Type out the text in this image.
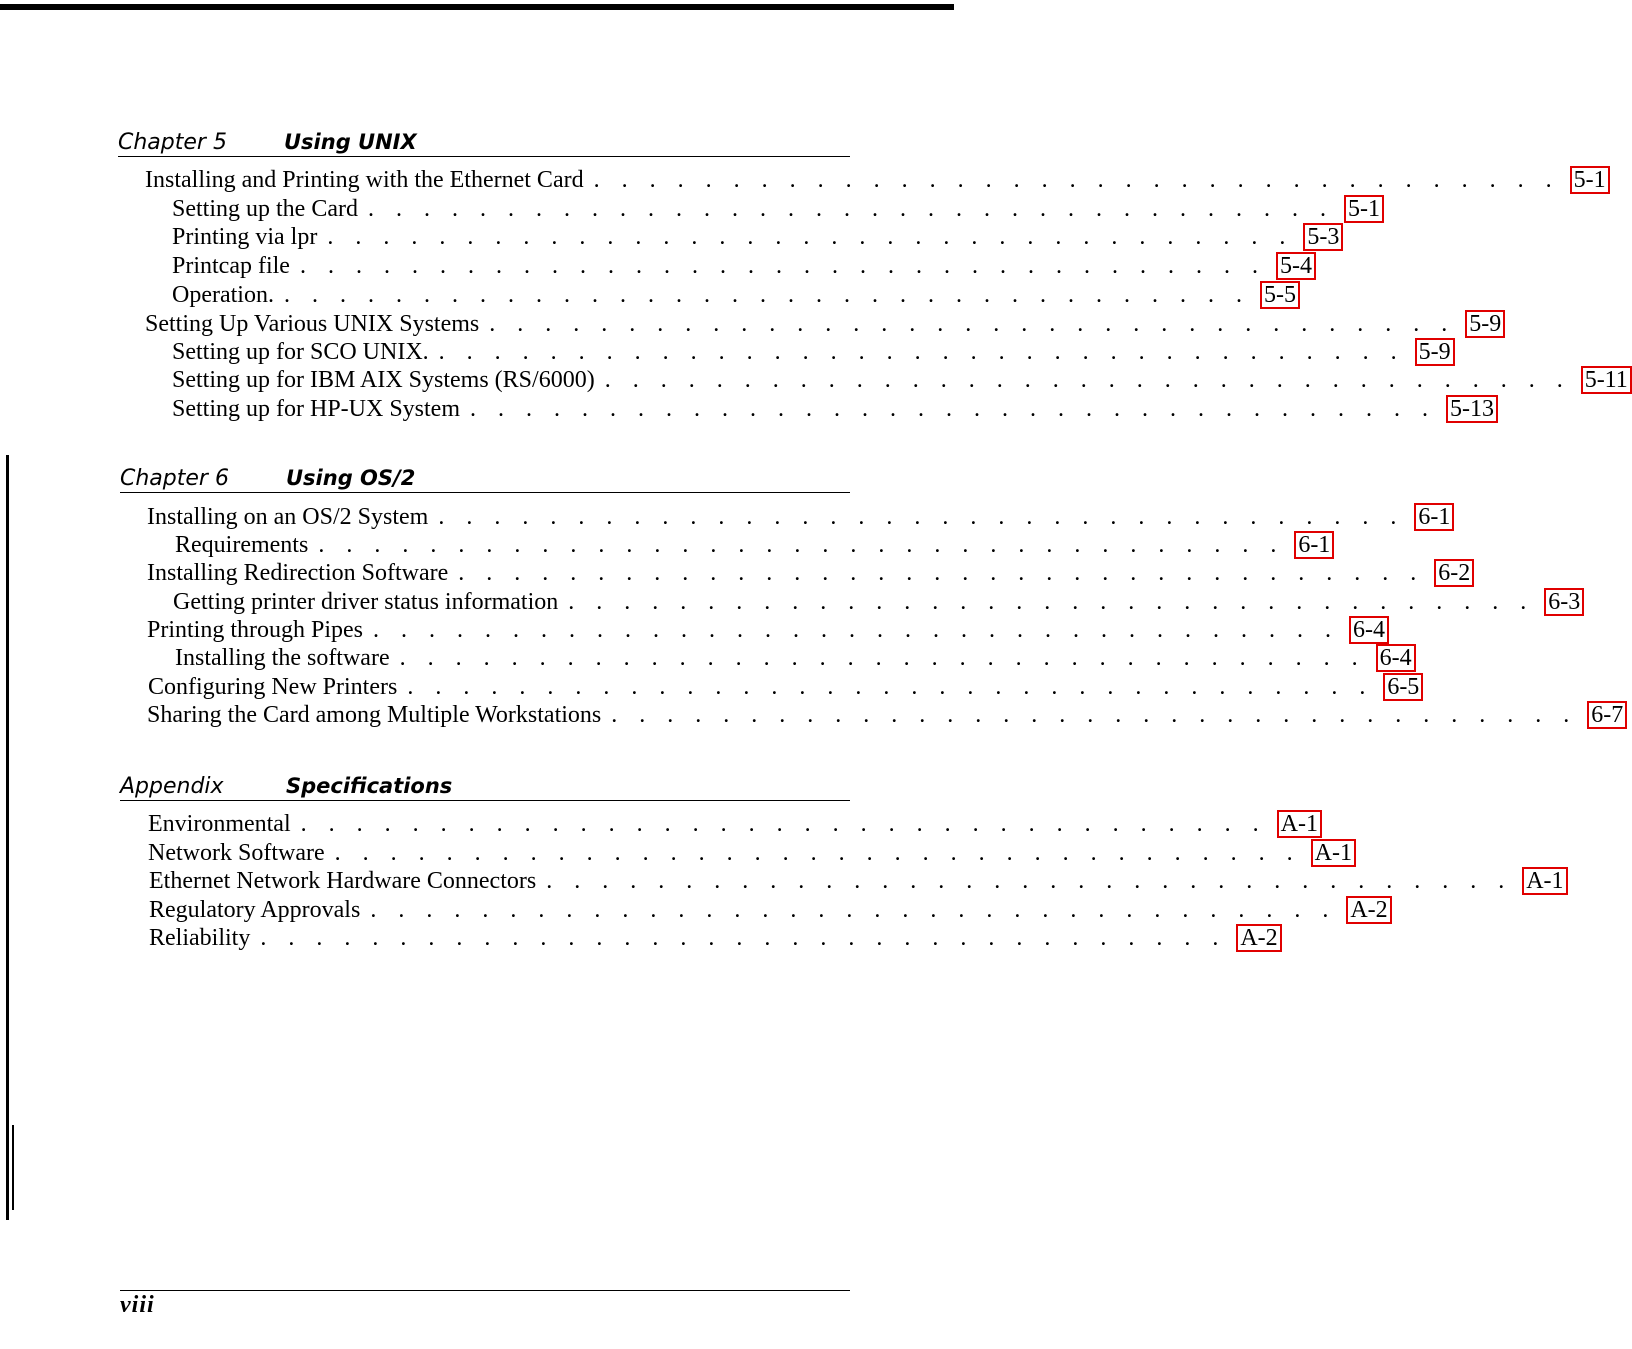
Chapter 5	Using UNIX
Installing and Printing with the Ethernet Card . . . . . . . . . . . . . . . . . . . . . . . . . . . . . . . . . . . 5-1
Setting up the Card . . . . . . . . . . . . . . . . . . . . . . . . . . . . . . . . . . . 5-1
Printing via lpr . . . . . . . . . . . . . . . . . . . . . . . . . . . . . . . . . . . 5-3
Printcap file . . . . . . . . . . . . . . . . . . . . . . . . . . . . . . . . . . . 5-4
Operation. . . . . . . . . . . . . . . . . . . . . . . . . . . . . . . . . . . . 5-5
Setting Up Various UNIX Systems . . . . . . . . . . . . . . . . . . . . . . . . . . . . . . . . . . . 5-9
Setting up for SCO UNIX. . . . . . . . . . . . . . . . . . . . . . . . . . . . . . . . . . . . 5-9
Setting up for IBM AIX Systems (RS/6000) . . . . . . . . . . . . . . . . . . . . . . . . . . . . . . . . . . . 5-11
Setting up for HP-UX System . . . . . . . . . . . . . . . . . . . . . . . . . . . . . . . . . . . 5-13
Chapter 6	Using OS/2
Installing on an OS/2 System . . . . . . . . . . . . . . . . . . . . . . . . . . . . . . . . . . . 6-1
Requirements . . . . . . . . . . . . . . . . . . . . . . . . . . . . . . . . . . . 6-1
Installing Redirection Software . . . . . . . . . . . . . . . . . . . . . . . . . . . . . . . . . . . 6-2
Getting printer driver status information . . . . . . . . . . . . . . . . . . . . . . . . . . . . . . . . . . . 6-3
Printing through Pipes . . . . . . . . . . . . . . . . . . . . . . . . . . . . . . . . . . . 6-4
Installing the software . . . . . . . . . . . . . . . . . . . . . . . . . . . . . . . . . . . 6-4
Configuring New Printers . . . . . . . . . . . . . . . . . . . . . . . . . . . . . . . . . . . 6-5
Sharing the Card among Multiple Workstations . . . . . . . . . . . . . . . . . . . . . . . . . . . . . . . . . . . 6-7
Appendix	Specifications
Environmental . . . . . . . . . . . . . . . . . . . . . . . . . . . . . . . . . . . A-1
Network Software . . . . . . . . . . . . . . . . . . . . . . . . . . . . . . . . . . . A-1
Ethernet Network Hardware Connectors . . . . . . . . . . . . . . . . . . . . . . . . . . . . . . . . . . . A-1
Regulatory Approvals . . . . . . . . . . . . . . . . . . . . . . . . . . . . . . . . . . . A-2
Reliability . . . . . . . . . . . . . . . . . . . . . . . . . . . . . . . . . . . A-2
viii
